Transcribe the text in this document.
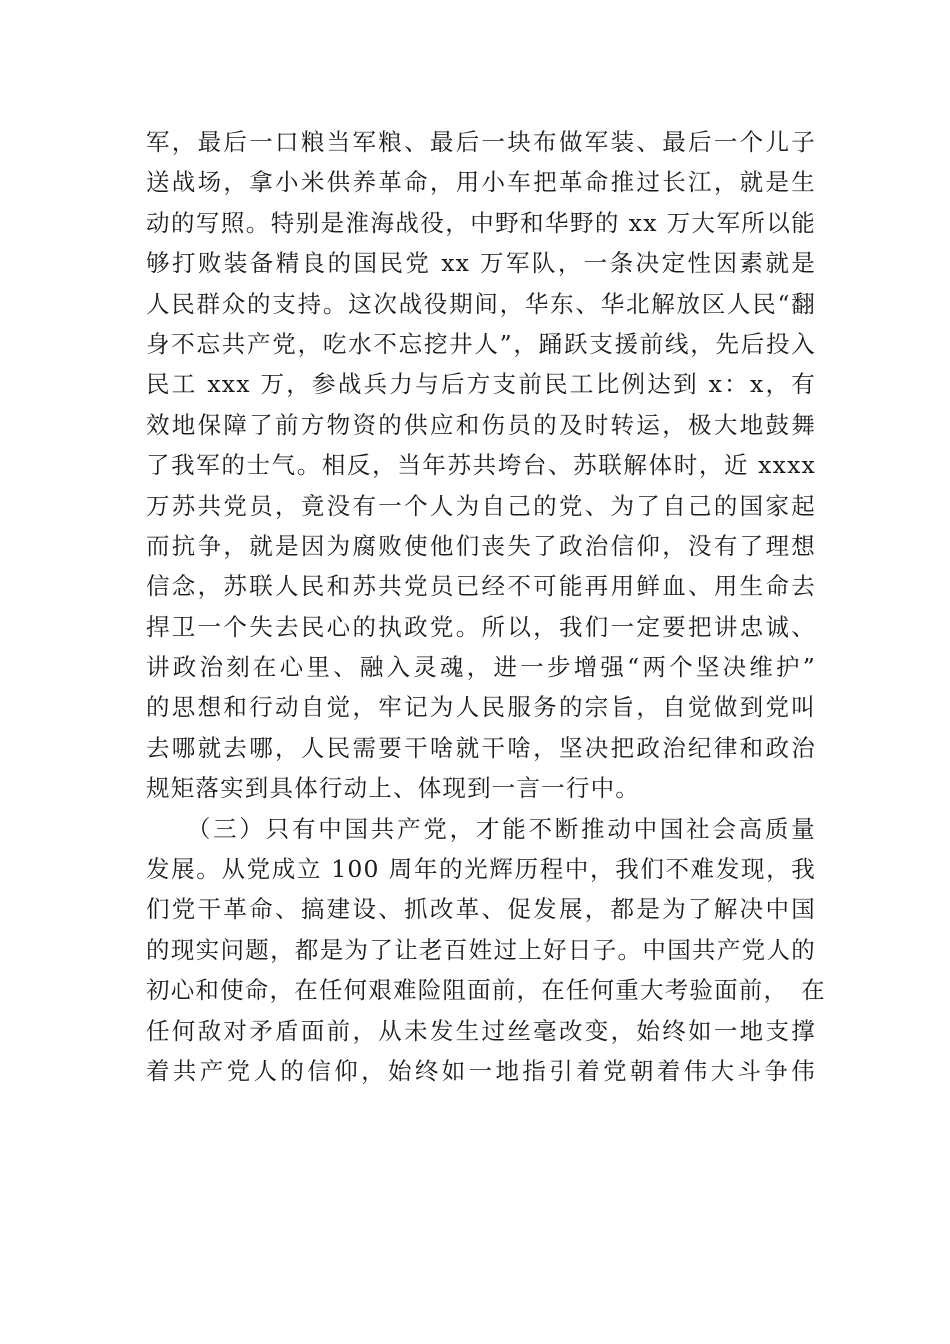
军，最后一口粮当军粮、最后一块布做军装、最后一个儿子
送战场，拿小米供养革命，用小车把革命推过长江，就是生
动的写照。特别是淮海战役，中野和华野的 xx 万大军所以能
够打败装备精良的国民党 xx 万军队，一条决定性因素就是
人民群众的支持。这次战役期间，华东、华北解放区人民“翻
身不忘共产党，吃水不忘挖井人”，踊跃支援前线，先后投入
民工 xxx 万，参战兵力与后方支前民工比例达到 x：x，有
效地保障了前方物资的供应和伤员的及时转运，极大地鼓舞
了我军的士气。相反，当年苏共垮台、苏联解体时，近 xxxx
万苏共党员，竟没有一个人为自己的党、为了自己的国家起
而抗争，就是因为腐败使他们丧失了政治信仰，没有了理想
信念，苏联人民和苏共党员已经不可能再用鲜血、用生命去
捍卫一个失去民心的执政党。所以，我们一定要把讲忠诚、
讲政治刻在心里、融入灵魂，进一步增强“两个坚决维护”
的思想和行动自觉，牢记为人民服务的宗旨，自觉做到党叫
去哪就去哪，人民需要干啥就干啥，坚决把政治纪律和政治
规矩落实到具体行动上、体现到一言一行中。
　　（三）只有中国共产党，才能不断推动中国社会高质量
发展。从党成立 100 周年的光辉历程中，我们不难发现，我
们党干革命、搞建设、抓改革、促发展，都是为了解决中国
的现实问题，都是为了让老百姓过上好日子。中国共产党人的
初心和使命，在任何艰难险阻面前，在任何重大考验面前，　在
任何敌对矛盾面前，从未发生过丝毫改变，始终如一地支撑
着共产党人的信仰，始终如一地指引着党朝着伟大斗争伟
